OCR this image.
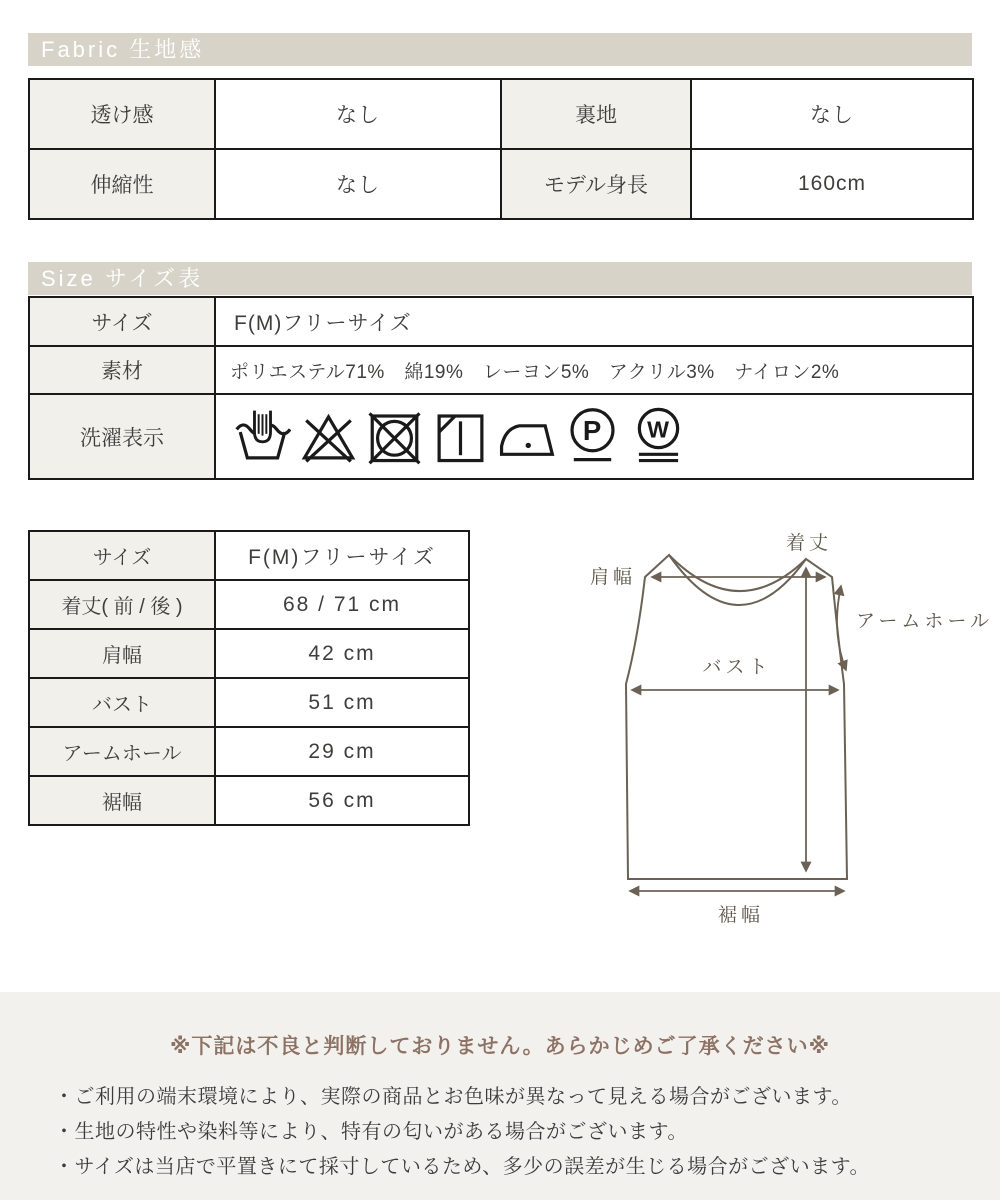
Fabric 生地感
透け感	なし	裏地	なし
伸縮性	なし	モデル身長	160cm
Size サイズ表
サイズ	F(M)フリーサイズ
素材	ポリエステル71%　綿19%　レーヨン5%　アクリル3%　ナイロン2%
洗濯表示	P W
サイズ	F(M)フリーサイズ
着丈( 前 / 後 )	68 / 71 cm
肩幅	42 cm
バスト	51 cm
アームホール	29 cm
裾幅	56 cm
肩幅
着丈
アームホール
バスト
裾幅

※下記は不良と判断しておりません。あらかじめご了承ください※

・ご利用の端末環境により、実際の商品とお色味が異なって見える場合がございます。

・生地の特性や染料等により、特有の匂いがある場合がございます。

・サイズは当店で平置きにて採寸しているため、多少の誤差が生じる場合がございます。
